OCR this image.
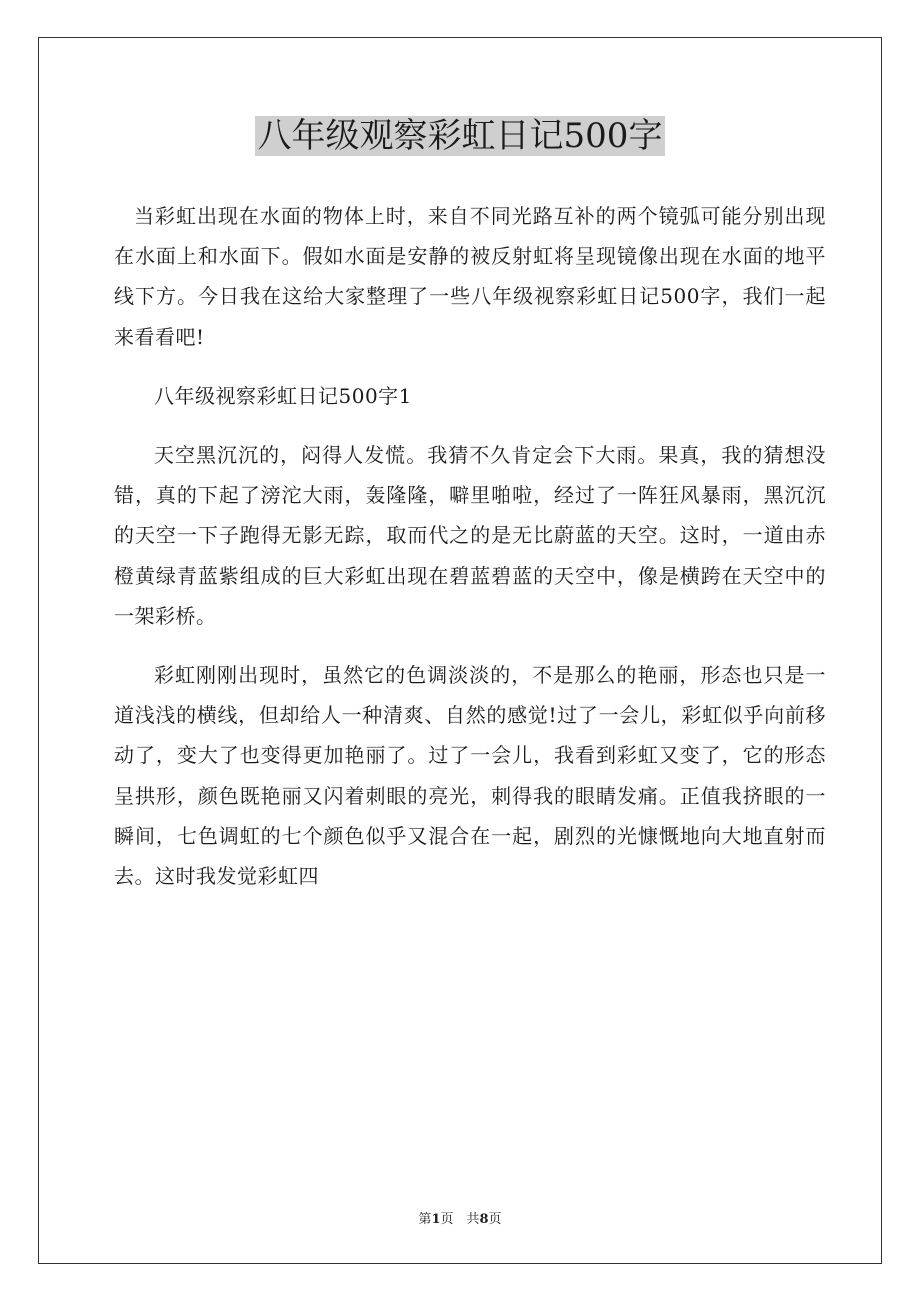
八年级观察彩虹日记500字

当彩虹出现在水面的物体上时，来自不同光路互补的两个镜弧可能分别出现在水面上和水面下。假如水面是安静的被反射虹将呈现镜像出现在水面的地平线下方。今日我在这给大家整理了一些八年级视察彩虹日记500字，我们一起来看看吧!

八年级视察彩虹日记500字1

天空黑沉沉的，闷得人发慌。我猜不久肯定会下大雨。果真，我的猜想没错，真的下起了滂沱大雨，轰隆隆，噼里啪啦，经过了一阵狂风暴雨，黑沉沉的天空一下子跑得无影无踪，取而代之的是无比蔚蓝的天空。这时，一道由赤橙黄绿青蓝紫组成的巨大彩虹出现在碧蓝碧蓝的天空中，像是横跨在天空中的一架彩桥。

彩虹刚刚出现时，虽然它的色调淡淡的，不是那么的艳丽，形态也只是一道浅浅的横线，但却给人一种清爽、自然的感觉!过了一会儿，彩虹似乎向前移动了，变大了也变得更加艳丽了。过了一会儿，我看到彩虹又变了，它的形态呈拱形，颜色既艳丽又闪着刺眼的亮光，刺得我的眼睛发痛。正值我挤眼的一瞬间，七色调虹的七个颜色似乎又混合在一起，剧烈的光慷慨地向大地直射而去。这时我发觉彩虹四

第1页　共8页
